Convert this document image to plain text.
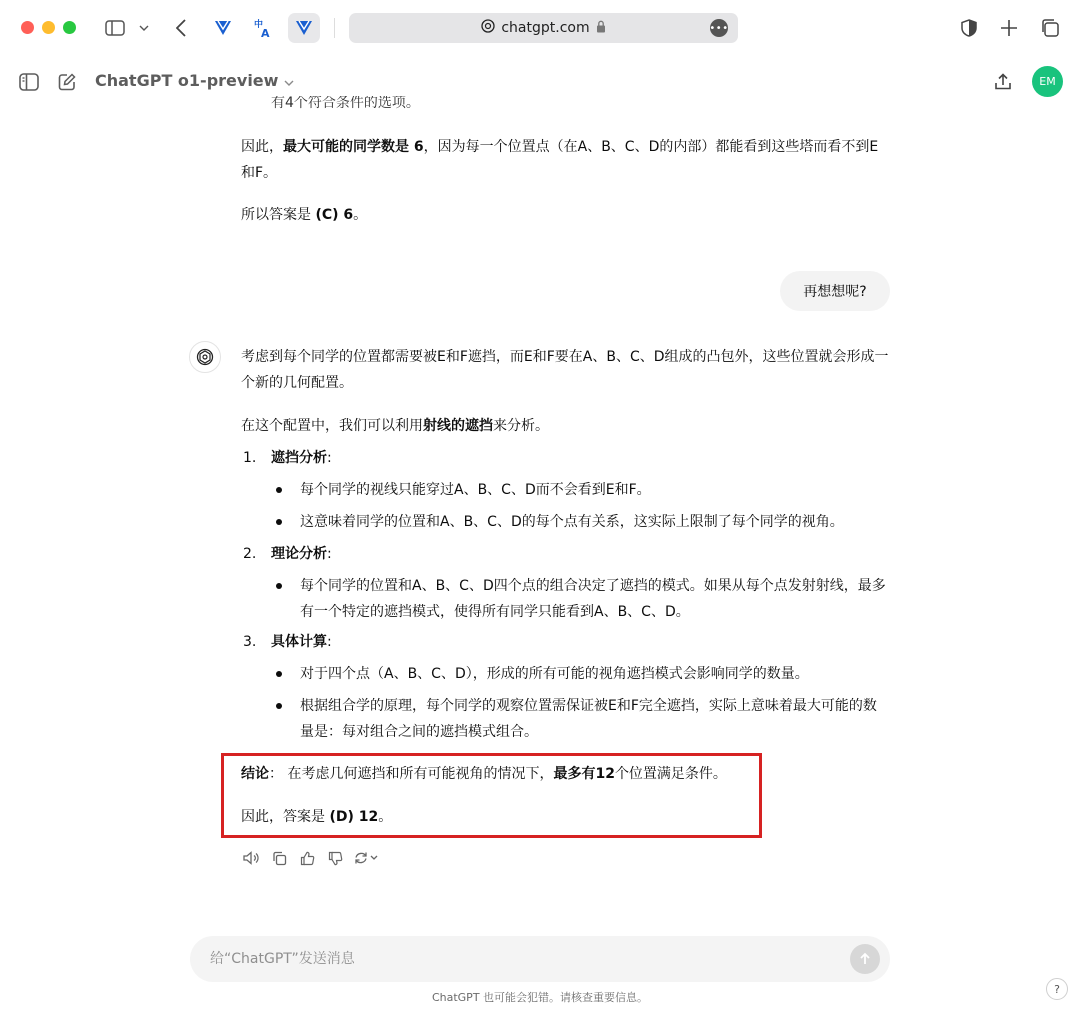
中
A	chatgpt.com	•••
ChatGPT o1-preview	EM
有4个符合条件的选项。
因此，最大可能的同学数是 6，因为每一个位置点（在A、B、C、D的内部）都能看到这些塔而看不到E和F。
所以答案是 (C) 6。
再想想呢?
考虑到每个同学的位置都需要被E和F遮挡，而E和F要在A、B、C、D组成的凸包外，这些位置就会形成一个新的几何配置。
在这个配置中，我们可以利用射线的遮挡来分析。
1. 遮挡分析:
每个同学的视线只能穿过A、B、C、D而不会看到E和F。
这意味着同学的位置和A、B、C、D的每个点有关系，这实际上限制了每个同学的视角。
2. 理论分析:
每个同学的位置和A、B、C、D四个点的组合决定了遮挡的模式。如果从每个点发射射线，最多有一个特定的遮挡模式，使得所有同学只能看到A、B、C、D。
3. 具体计算:
对于四个点（A、B、C、D），形成的所有可能的视角遮挡模式会影响同学的数量。
根据组合学的原理，每个同学的观察位置需保证被E和F完全遮挡，实际上意味着最大可能的数量是：每对组合之间的遮挡模式组合。
结论： 在考虑几何遮挡和所有可能视角的情况下，最多有12个位置满足条件。
因此，答案是 (D) 12。
给“ChatGPT”发送消息
ChatGPT 也可能会犯错。请核查重要信息。
?
